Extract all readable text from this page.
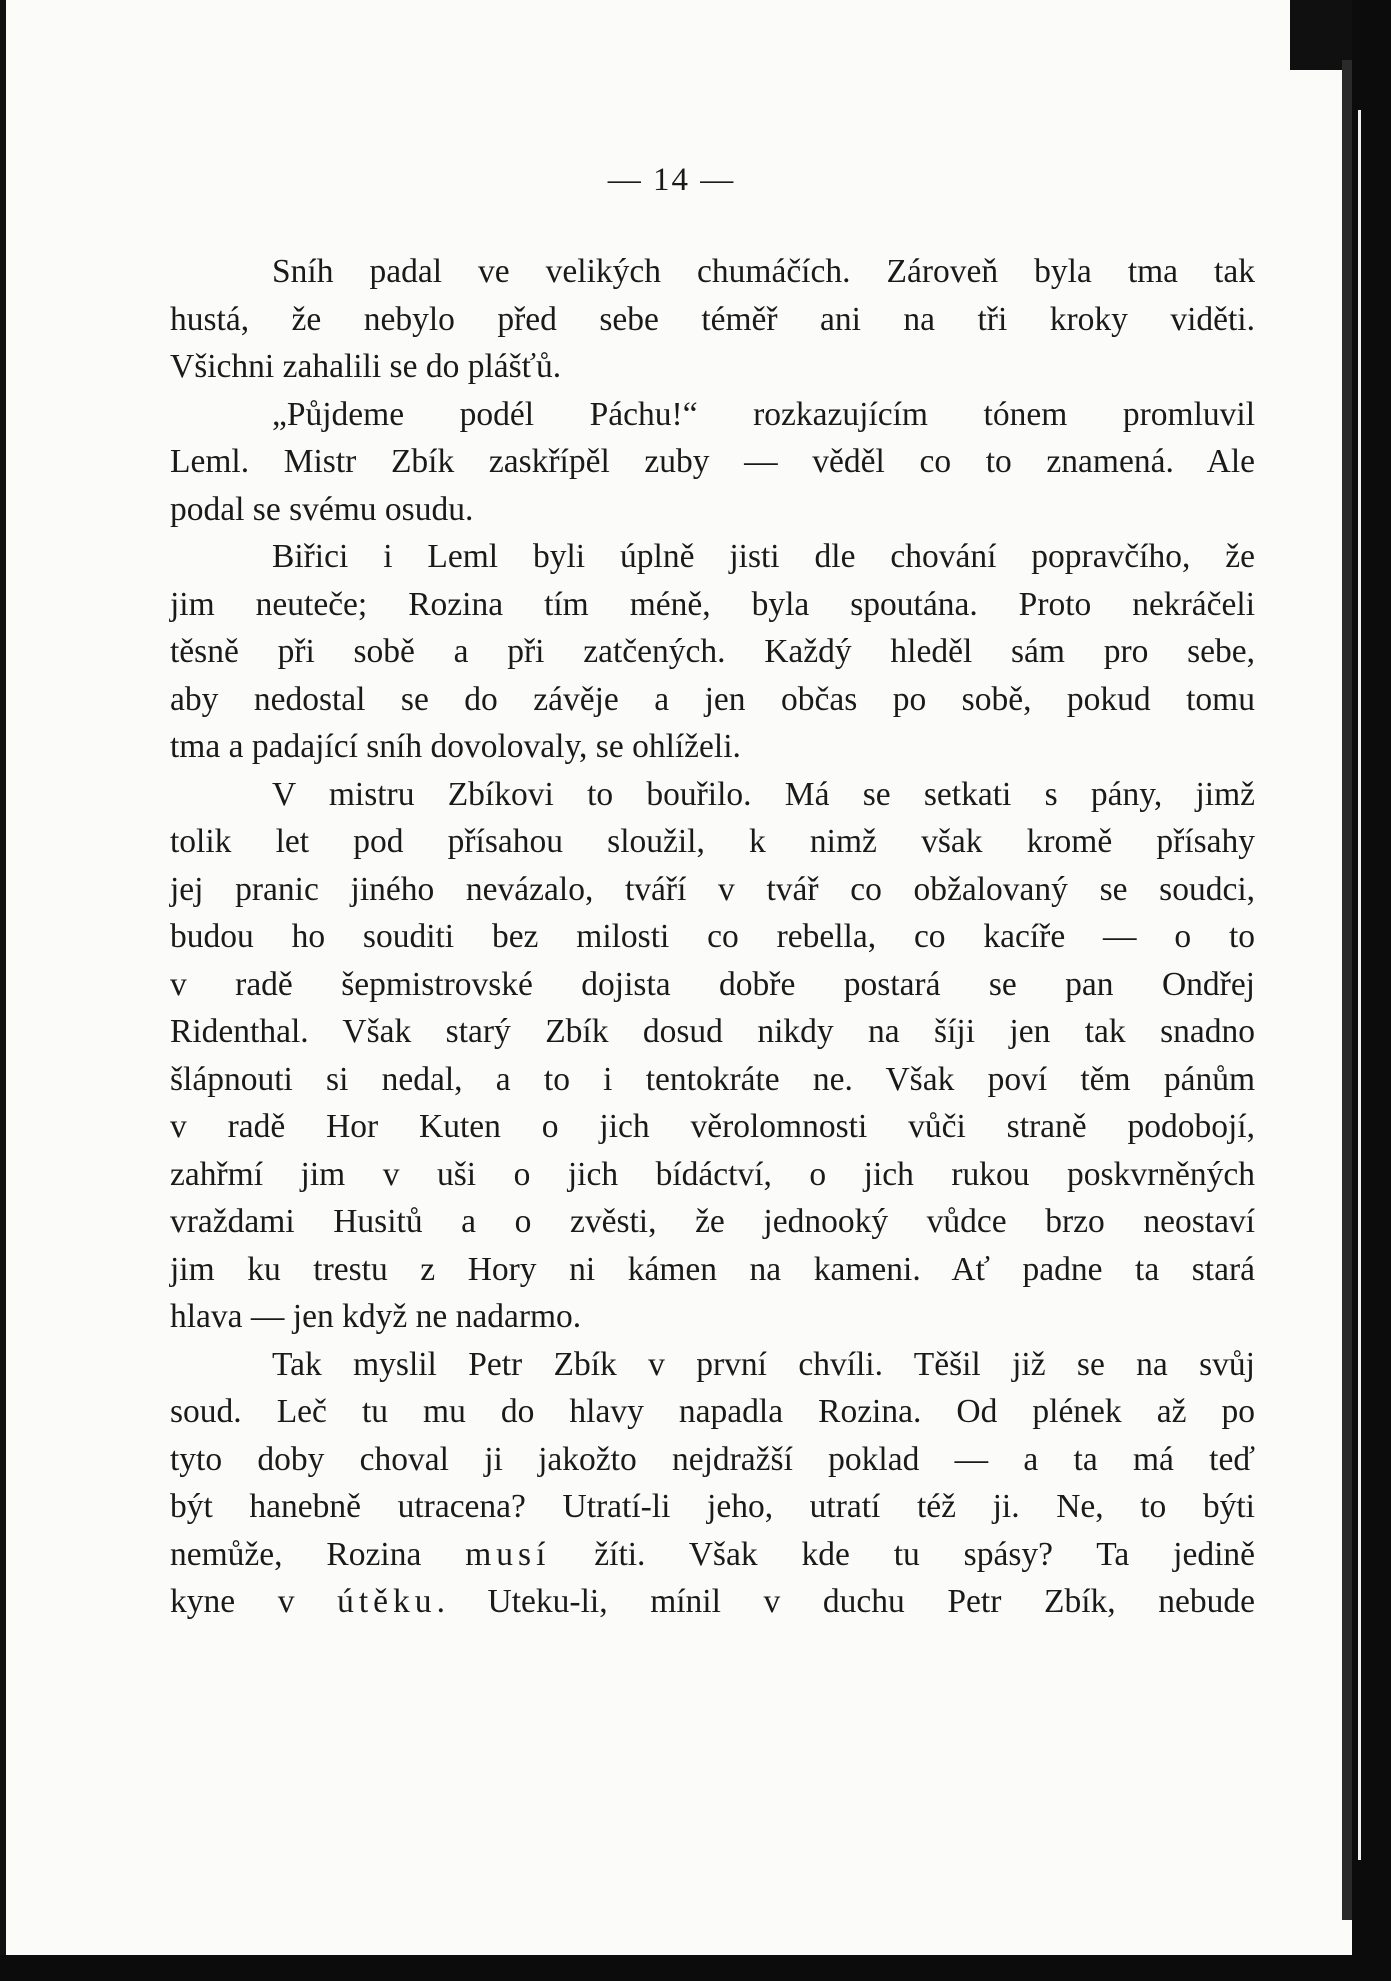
— 14 —
Sníh padal ve velikých chumáčích. Zároveň byla tma tak
hustá, že nebylo před sebe téměř ani na tři kroky viděti.
Všichni zahalili se do plášťů.
„Půjdeme podél Páchu!“ rozkazujícím tónem promluvil
Leml. Mistr Zbík zaskřípěl zuby — věděl co to znamená. Ale
podal se svému osudu.
Biřici i Leml byli úplně jisti dle chování popravčího, že
jim neuteče; Rozina tím méně, byla spoutána. Proto nekráčeli
těsně při sobě a při zatčených. Každý hleděl sám pro sebe,
aby nedostal se do závěje a jen občas po sobě, pokud tomu
tma a padající sníh dovolovaly, se ohlíželi.
V mistru Zbíkovi to bouřilo. Má se setkati s pány, jimž
tolik let pod přísahou sloužil, k nimž však kromě přísahy
jej pranic jiného nevázalo, tváří v tvář co obžalovaný se soudci,
budou ho souditi bez milosti co rebella, co kacíře — o to
v radě šepmistrovské dojista dobře postará se pan Ondřej
Ridenthal. Však starý Zbík dosud nikdy na šíji jen tak snadno
šlápnouti si nedal, a to i tentokráte ne. Však poví těm pánům
v radě Hor Kuten o jich věrolomnosti vůči straně podobojí,
zahřmí jim v uši o jich bídáctví, o jich rukou poskvrněných
vraždami Husitů a o zvěsti, že jednooký vůdce brzo neostaví
jim ku trestu z Hory ni kámen na kameni. Ať padne ta stará
hlava — jen když ne nadarmo.
Tak myslil Petr Zbík v první chvíli. Těšil již se na svůj
soud. Leč tu mu do hlavy napadla Rozina. Od plének až po
tyto doby choval ji jakožto nejdražší poklad — a ta má teď
být hanebně utracena? Utratí-li jeho, utratí též ji. Ne, to býti
nemůže, Rozina musí žíti. Však kde tu spásy? Ta jedině
kyne v útěku. Uteku-li, mínil v duchu Petr Zbík, nebude
